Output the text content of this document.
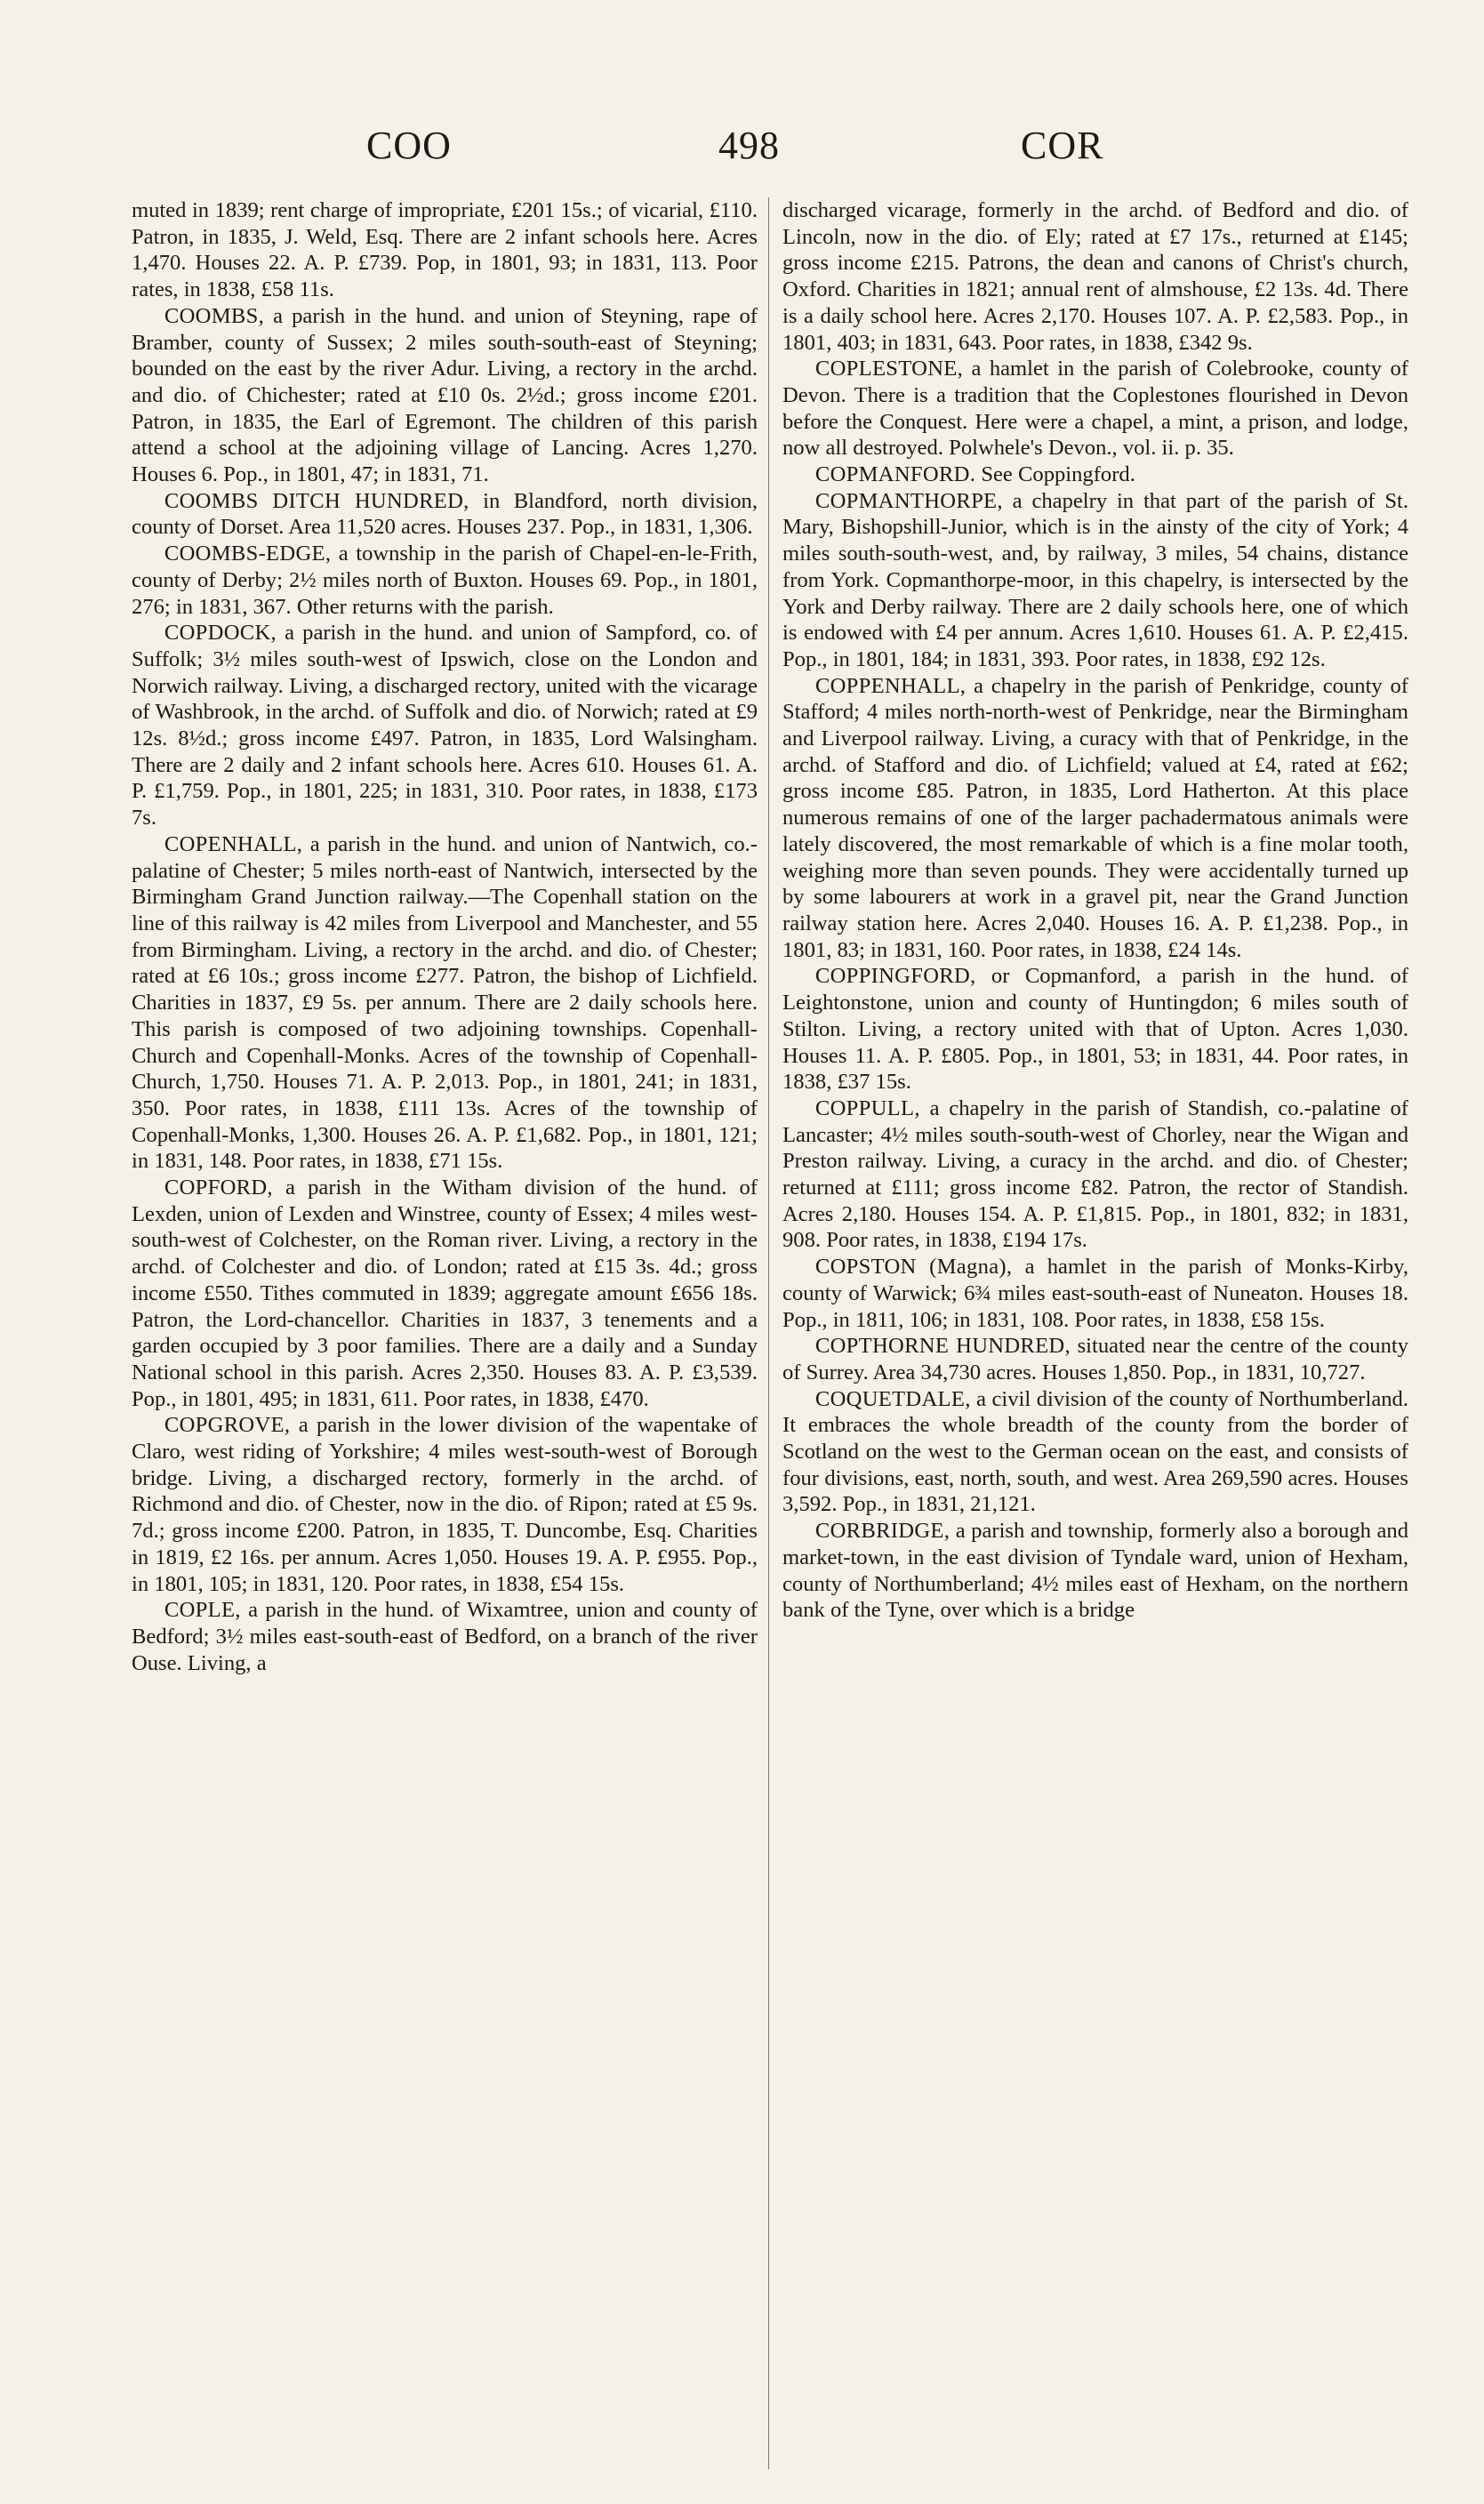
COO	498	COR

muted in 1839; rent charge of impropriate, £201 15s.; of vicarial, £110. Patron, in 1835, J. Weld, Esq. There are 2 infant schools here. Acres 1,470. Houses 22. A. P. £739. Pop, in 1801, 93; in 1831, 113. Poor rates, in 1838, £58 11s.

COOMBS, a parish in the hund. and union of Steyning, rape of Bramber, county of Sussex; 2 miles south-south-east of Steyning; bounded on the east by the river Adur. Living, a rectory in the archd. and dio. of Chichester; rated at £10 0s. 2½d.; gross income £201. Patron, in 1835, the Earl of Egremont. The children of this parish attend a school at the adjoining village of Lancing. Acres 1,270. Houses 6. Pop., in 1801, 47; in 1831, 71.

COOMBS DITCH HUNDRED, in Blandford, north division, county of Dorset. Area 11,520 acres. Houses 237. Pop., in 1831, 1,306.

COOMBS-EDGE, a township in the parish of Chapel-en-le-Frith, county of Derby; 2½ miles north of Buxton. Houses 69. Pop., in 1801, 276; in 1831, 367. Other returns with the parish.

COPDOCK, a parish in the hund. and union of Sampford, co. of Suffolk; 3½ miles south-west of Ipswich, close on the London and Norwich railway. Living, a discharged rectory, united with the vicarage of Washbrook, in the archd. of Suffolk and dio. of Norwich; rated at £9 12s. 8½d.; gross income £497. Patron, in 1835, Lord Walsingham. There are 2 daily and 2 infant schools here. Acres 610. Houses 61. A. P. £1,759. Pop., in 1801, 225; in 1831, 310. Poor rates, in 1838, £173 7s.

COPENHALL, a parish in the hund. and union of Nantwich, co.-palatine of Chester; 5 miles north-east of Nantwich, intersected by the Birmingham Grand Junction railway.—The Copenhall station on the line of this railway is 42 miles from Liverpool and Manchester, and 55 from Birmingham. Living, a rectory in the archd. and dio. of Chester; rated at £6 10s.; gross income £277. Patron, the bishop of Lichfield. Charities in 1837, £9 5s. per annum. There are 2 daily schools here. This parish is composed of two adjoining townships. Copenhall-Church and Copenhall-Monks. Acres of the township of Copenhall-Church, 1,750. Houses 71. A. P. 2,013. Pop., in 1801, 241; in 1831, 350. Poor rates, in 1838, £111 13s. Acres of the township of Copenhall-Monks, 1,300. Houses 26. A. P. £1,682. Pop., in 1801, 121; in 1831, 148. Poor rates, in 1838, £71 15s.

COPFORD, a parish in the Witham division of the hund. of Lexden, union of Lexden and Winstree, county of Essex; 4 miles west-south-west of Colchester, on the Roman river. Living, a rectory in the archd. of Colchester and dio. of London; rated at £15 3s. 4d.; gross income £550. Tithes commuted in 1839; aggregate amount £656 18s. Patron, the Lord-chancellor. Charities in 1837, 3 tenements and a garden occupied by 3 poor families. There are a daily and a Sunday National school in this parish. Acres 2,350. Houses 83. A. P. £3,539. Pop., in 1801, 495; in 1831, 611. Poor rates, in 1838, £470.

COPGROVE, a parish in the lower division of the wapentake of Claro, west riding of Yorkshire; 4 miles west-south-west of Borough bridge. Living, a discharged rectory, formerly in the archd. of Richmond and dio. of Chester, now in the dio. of Ripon; rated at £5 9s. 7d.; gross income £200. Patron, in 1835, T. Duncombe, Esq. Charities in 1819, £2 16s. per annum. Acres 1,050. Houses 19. A. P. £955. Pop., in 1801, 105; in 1831, 120. Poor rates, in 1838, £54 15s.

COPLE, a parish in the hund. of Wixamtree, union and county of Bedford; 3½ miles east-south-east of Bedford, on a branch of the river Ouse. Living, a

discharged vicarage, formerly in the archd. of Bedford and dio. of Lincoln, now in the dio. of Ely; rated at £7 17s., returned at £145; gross income £215. Patrons, the dean and canons of Christ's church, Oxford. Charities in 1821; annual rent of almshouse, £2 13s. 4d. There is a daily school here. Acres 2,170. Houses 107. A. P. £2,583. Pop., in 1801, 403; in 1831, 643. Poor rates, in 1838, £342 9s.

COPLESTONE, a hamlet in the parish of Colebrooke, county of Devon. There is a tradition that the Coplestones flourished in Devon before the Conquest. Here were a chapel, a mint, a prison, and lodge, now all destroyed. Polwhele's Devon., vol. ii. p. 35.

COPMANFORD. See Coppingford.

COPMANTHORPE, a chapelry in that part of the parish of St. Mary, Bishopshill-Junior, which is in the ainsty of the city of York; 4 miles south-south-west, and, by railway, 3 miles, 54 chains, distance from York. Copmanthorpe-moor, in this chapelry, is intersected by the York and Derby railway. There are 2 daily schools here, one of which is endowed with £4 per annum. Acres 1,610. Houses 61. A. P. £2,415. Pop., in 1801, 184; in 1831, 393. Poor rates, in 1838, £92 12s.

COPPENHALL, a chapelry in the parish of Penkridge, county of Stafford; 4 miles north-north-west of Penkridge, near the Birmingham and Liverpool railway. Living, a curacy with that of Penkridge, in the archd. of Stafford and dio. of Lichfield; valued at £4, rated at £62; gross income £85. Patron, in 1835, Lord Hatherton. At this place numerous remains of one of the larger pachadermatous animals were lately discovered, the most remarkable of which is a fine molar tooth, weighing more than seven pounds. They were accidentally turned up by some labourers at work in a gravel pit, near the Grand Junction railway station here. Acres 2,040. Houses 16. A. P. £1,238. Pop., in 1801, 83; in 1831, 160. Poor rates, in 1838, £24 14s.

COPPINGFORD, or Copmanford, a parish in the hund. of Leightonstone, union and county of Huntingdon; 6 miles south of Stilton. Living, a rectory united with that of Upton. Acres 1,030. Houses 11. A. P. £805. Pop., in 1801, 53; in 1831, 44. Poor rates, in 1838, £37 15s.

COPPULL, a chapelry in the parish of Standish, co.-palatine of Lancaster; 4½ miles south-south-west of Chorley, near the Wigan and Preston railway. Living, a curacy in the archd. and dio. of Chester; returned at £111; gross income £82. Patron, the rector of Standish. Acres 2,180. Houses 154. A. P. £1,815. Pop., in 1801, 832; in 1831, 908. Poor rates, in 1838, £194 17s.

COPSTON (Magna), a hamlet in the parish of Monks-Kirby, county of Warwick; 6¾ miles east-south-east of Nuneaton. Houses 18. Pop., in 1811, 106; in 1831, 108. Poor rates, in 1838, £58 15s.

COPTHORNE HUNDRED, situated near the centre of the county of Surrey. Area 34,730 acres. Houses 1,850. Pop., in 1831, 10,727.

COQUETDALE, a civil division of the county of Northumberland. It embraces the whole breadth of the county from the border of Scotland on the west to the German ocean on the east, and consists of four divisions, east, north, south, and west. Area 269,590 acres. Houses 3,592. Pop., in 1831, 21,121.

CORBRIDGE, a parish and township, formerly also a borough and market-town, in the east division of Tyndale ward, union of Hexham, county of Northumberland; 4½ miles east of Hexham, on the northern bank of the Tyne, over which is a bridge
